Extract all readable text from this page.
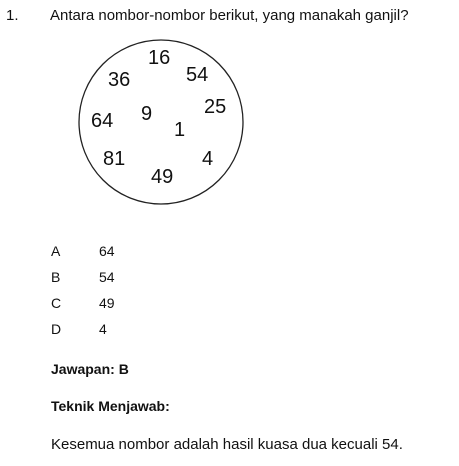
1. Antara nombor-nombor berikut, yang manakah ganjil?
16
36	54
25
64 9
1
81	4
49
A	64
B	54
C	49
D	4
Jawapan: B
Teknik Menjawab:
Kesemua nombor adalah hasil kuasa dua kecuali 54.
